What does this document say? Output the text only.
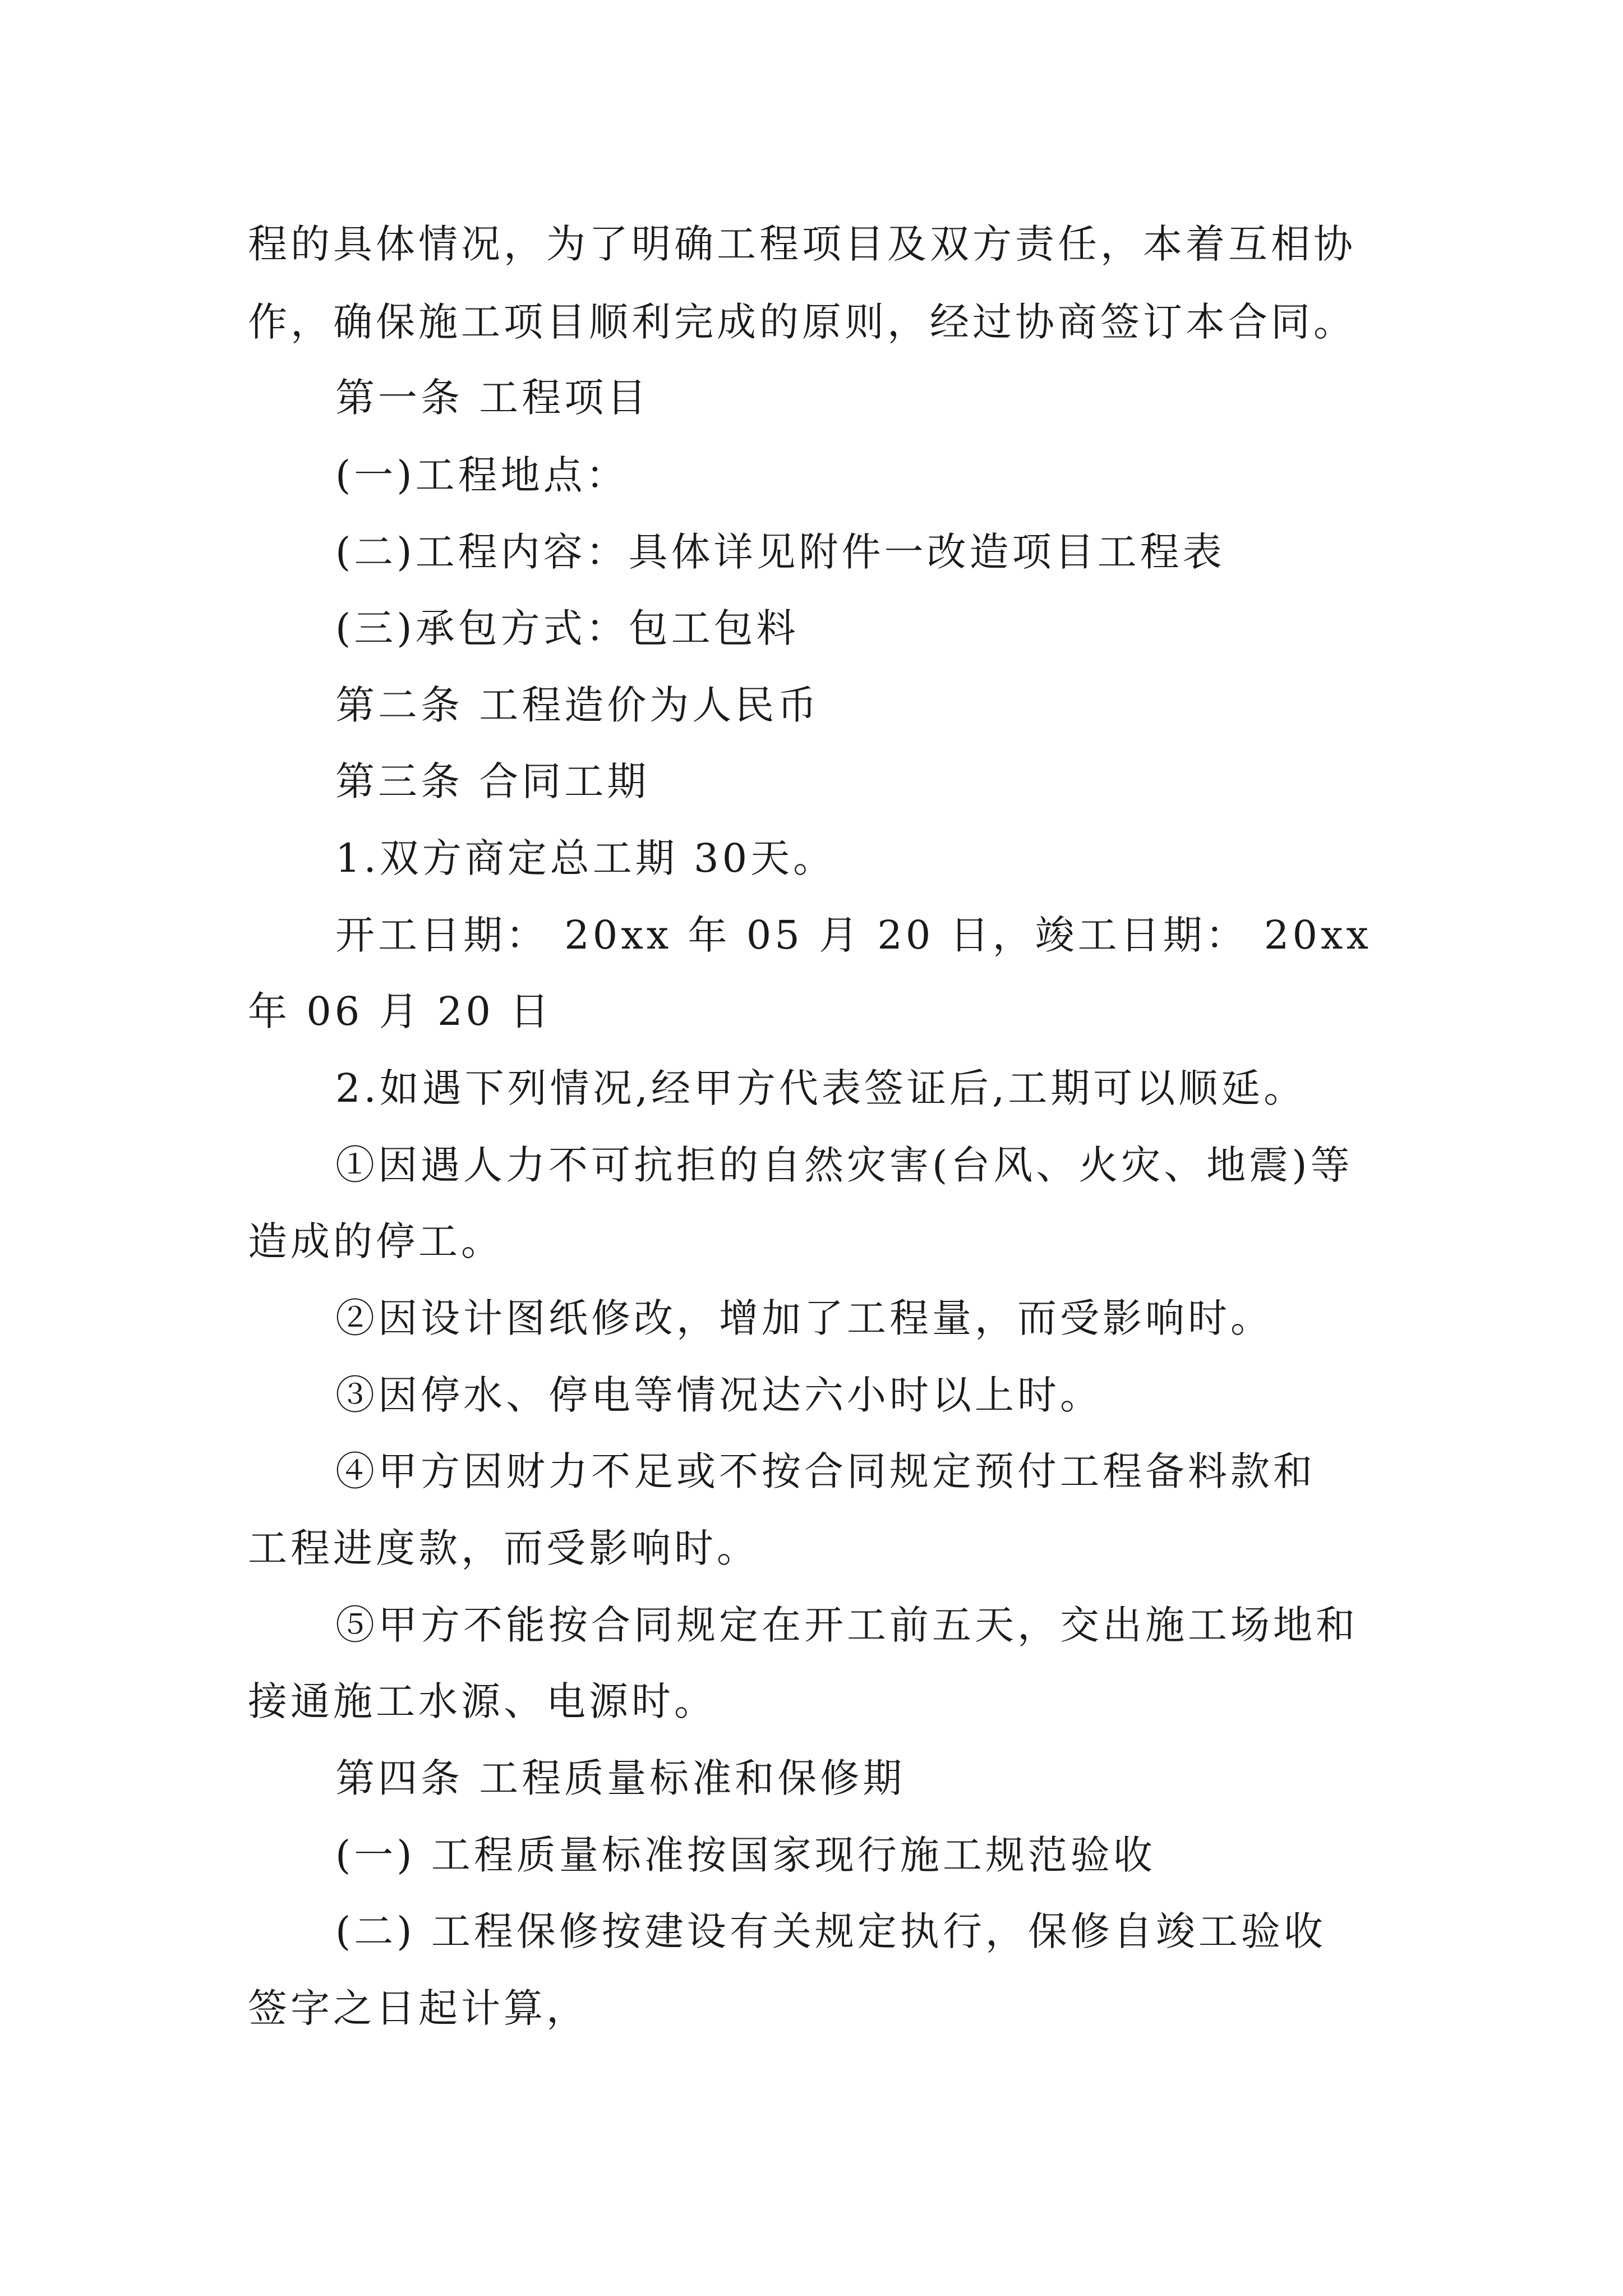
程的具体情况，为了明确工程项目及双方责任，本着互相协
作，确保施工项目顺利完成的原则，经过协商签订本合同。
第一条 工程项目
(一)工程地点：
(二)工程内容：具体详见附件一改造项目工程表
(三)承包方式：包工包料
第二条 工程造价为人民币
第三条 合同工期
1.双方商定总工期 30天。
开工日期： 20xx 年 05 月 20 日，竣工日期： 20xx
年 06 月 20 日
2.如遇下列情况,经甲方代表签证后,工期可以顺延。
①因遇人力不可抗拒的自然灾害(台风、火灾、地震)等
造成的停工。
②因设计图纸修改，增加了工程量，而受影响时。
③因停水、停电等情况达六小时以上时。
④甲方因财力不足或不按合同规定预付工程备料款和
工程进度款，而受影响时。
⑤甲方不能按合同规定在开工前五天，交出施工场地和
接通施工水源、电源时。
第四条 工程质量标准和保修期
(一) 工程质量标准按国家现行施工规范验收
(二) 工程保修按建设有关规定执行，保修自竣工验收
签字之日起计算，
